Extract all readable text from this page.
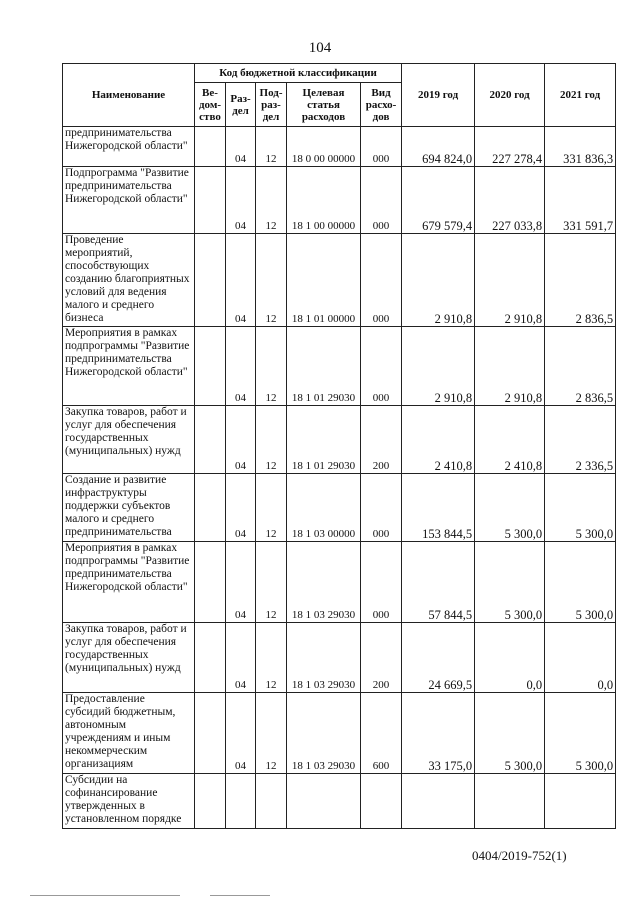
104
Наименование	Код бюджетной классификации					2019 год	2020 год	2021 год
	Ве-дом-ство	Раз-дел	Под-раз-дел	Целевая статья расходов	Вид расхо-дов			
предпринимательства Нижегородской области"		04	12	18 0 00 00000	000	694 824,0	227 278,4	331 836,3
Подпрограмма "Развитие предпринимательства Нижегородской области"		04	12	18 1 00 00000	000	679 579,4	227 033,8	331 591,7
Проведение мероприятий, способствующих созданию благоприятных условий для ведения малого и среднего бизнеса		04	12	18 1 01 00000	000	2 910,8	2 910,8	2 836,5
Мероприятия в рамках подпрограммы "Развитие предпринимательства Нижегородской области"		04	12	18 1 01 29030	000	2 910,8	2 910,8	2 836,5
Закупка товаров, работ и услуг для обеспечения государственных (муниципальных) нужд		04	12	18 1 01 29030	200	2 410,8	2 410,8	2 336,5
Создание и развитие инфраструктуры поддержки субъектов малого и среднего предпринимательства		04	12	18 1 03 00000	000	153 844,5	5 300,0	5 300,0
Мероприятия в рамках подпрограммы "Развитие предпринимательства Нижегородской области"		04	12	18 1 03 29030	000	57 844,5	5 300,0	5 300,0
Закупка товаров, работ и услуг для обеспечения государственных (муниципальных) нужд		04	12	18 1 03 29030	200	24 669,5	0,0	0,0
Предоставление субсидий бюджетным, автономным учреждениям и иным некоммерческим организациям		04	12	18 1 03 29030	600	33 175,0	5 300,0	5 300,0
Субсидии на софинансирование утвержденных в установленном порядке								
0404/2019-752(1)
